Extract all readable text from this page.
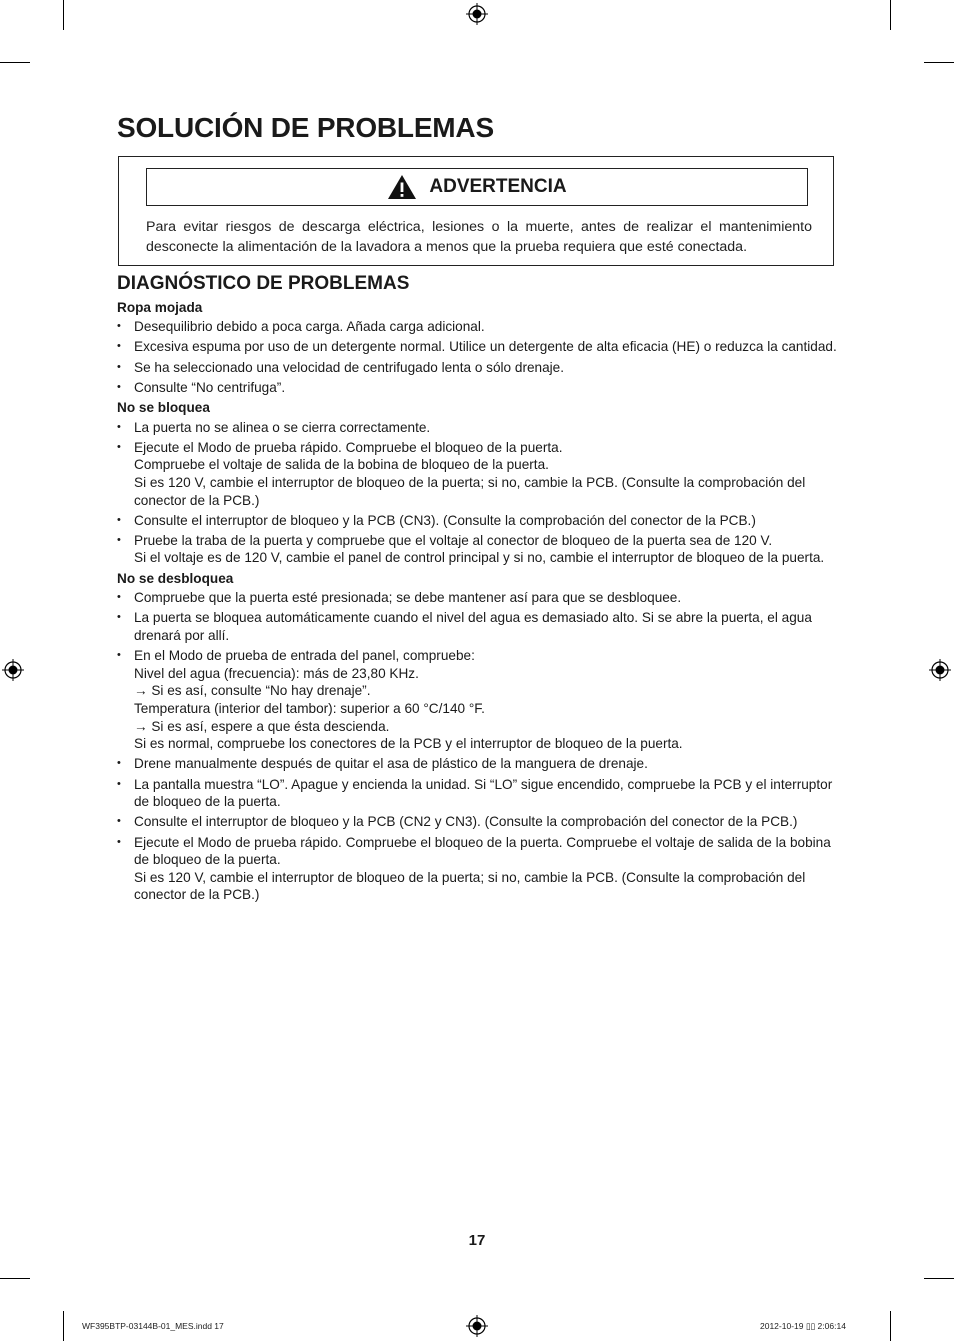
SOLUCIÓN DE PROBLEMAS
ADVERTENCIA
Para evitar riesgos de descarga eléctrica, lesiones o la muerte, antes de realizar el mantenimiento desconecte la alimentación de la lavadora a menos que la prueba requiera que esté conectada.
DIAGNÓSTICO DE PROBLEMAS
Ropa mojada
• Desequilibrio debido a poca carga. Añada carga adicional.
• Excesiva espuma por uso de un detergente normal. Utilice un detergente de alta eficacia (HE) o reduzca la cantidad.
• Se ha seleccionado una velocidad de centrifugado lenta o sólo drenaje.
• Consulte “No centrifuga”.
No se bloquea
• La puerta no se alinea o se cierra correctamente.
• Ejecute el Modo de prueba rápido. Compruebe el bloqueo de la puerta.
Compruebe el voltaje de salida de la bobina de bloqueo de la puerta.
Si es 120 V, cambie el interruptor de bloqueo de la puerta; si no, cambie la PCB. (Consulte la comprobación del conector de la PCB.)
• Consulte el interruptor de bloqueo y la PCB (CN3). (Consulte la comprobación del conector de la PCB.)
• Pruebe la traba de la puerta y compruebe que el voltaje al conector de bloqueo de la puerta sea de 120 V.
Si el voltaje es de 120 V, cambie el panel de control principal y si no, cambie el interruptor de bloqueo de la puerta.
No se desbloquea
• Compruebe que la puerta esté presionada; se debe mantener así para que se desbloquee.
• La puerta se bloquea automáticamente cuando el nivel del agua es demasiado alto. Si se abre la puerta, el agua drenará por allí.
• En el Modo de prueba de entrada del panel, compruebe:
Nivel del agua (frecuencia): más de 23,80 KHz.
→ Si es así, consulte “No hay drenaje”.
Temperatura (interior del tambor): superior a 60 °C/140 °F.
→ Si es así, espere a que ésta descienda.
Si es normal, compruebe los conectores de la PCB y el interruptor de bloqueo de la puerta.
• Drene manualmente después de quitar el asa de plástico de la manguera de drenaje.
• La pantalla muestra “LO”. Apague y encienda la unidad. Si “LO” sigue encendido, compruebe la PCB y el interruptor de bloqueo de la puerta.
• Consulte el interruptor de bloqueo y la PCB (CN2 y CN3). (Consulte la comprobación del conector de la PCB.)
• Ejecute el Modo de prueba rápido. Compruebe el bloqueo de la puerta. Compruebe el voltaje de salida de la bobina de bloqueo de la puerta.
Si es 120 V, cambie el interruptor de bloqueo de la puerta; si no, cambie la PCB. (Consulte la comprobación del conector de la PCB.)
17
WF395BTP-03144B-01_MES.indd 17	2012-10-19 ▯▯ 2:06:14
